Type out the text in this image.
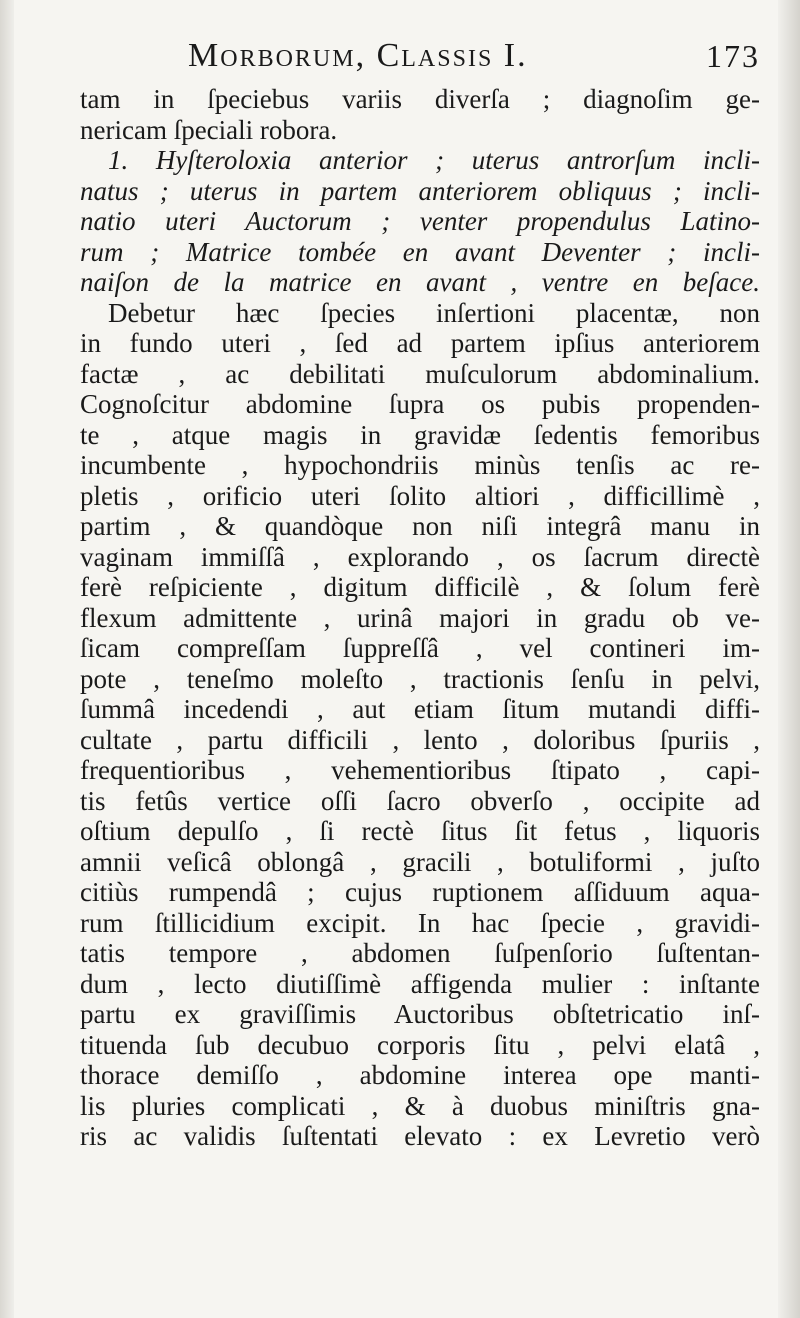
Morborum, Classis I.	173
tam in ſpeciebus variis diverſa ; diagnoſim ge-
nericam ſpeciali robora.
1. Hyſteroloxia anterior ; uterus antrorſum incli-
natus ; uterus in partem anteriorem obliquus ; incli-
natio uteri Auctorum ; venter propendulus Latino-
rum ; Matrice tombée en avant Deventer ; incli-
naiſon de la matrice en avant , ventre en beſace.
Debetur hæc ſpecies inſertioni placentæ, non
in fundo uteri , ſed ad partem ipſius anteriorem
factæ , ac debilitati muſculorum abdominalium.
Cognoſcitur abdomine ſupra os pubis propenden-
te , atque magis in gravidæ ſedentis femoribus
incumbente , hypochondriis minùs tenſis ac re-
pletis , orificio uteri ſolito altiori , difficillimè ,
partim , & quandòque non niſi integrâ manu in
vaginam immiſſâ , explorando , os ſacrum directè
ferè reſpiciente , digitum difficilè , & ſolum ferè
flexum admittente , urinâ majori in gradu ob ve-
ſicam compreſſam ſuppreſſâ , vel contineri im-
pote , teneſmo moleſto , tractionis ſenſu in pelvi,
ſummâ incedendi , aut etiam ſitum mutandi diffi-
cultate , partu difficili , lento , doloribus ſpuriis ,
frequentioribus , vehementioribus ſtipato , capi-
tis fetûs vertice oſſi ſacro obverſo , occipite ad
oſtium depulſo , ſi rectè ſitus ſit fetus , liquoris
amnii veſicâ oblongâ , gracili , botuliformi , juſto
citiùs rumpendâ ; cujus ruptionem aſſiduum aqua-
rum ſtillicidium excipit. In hac ſpecie , gravidi-
tatis tempore , abdomen ſuſpenſorio ſuſtentan-
dum , lecto diutiſſimè affigenda mulier : inſtante
partu ex graviſſimis Auctoribus obſtetricatio inſ-
tituenda ſub decubuo corporis ſitu , pelvi elatâ ,
thorace demiſſo , abdomine interea ope manti-
lis pluries complicati , & à duobus miniſtris gna-
ris ac validis ſuſtentati elevato : ex Levretio verò
